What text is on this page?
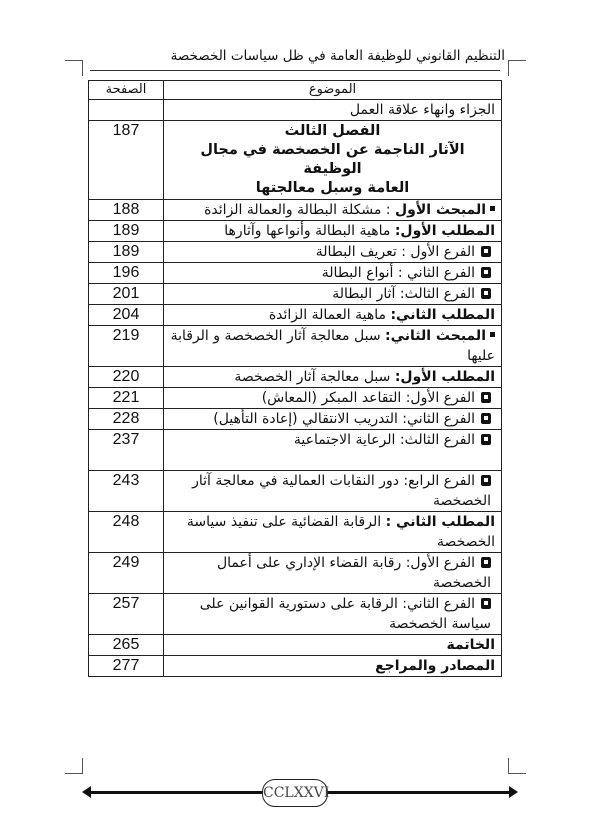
التنظيم القانوني للوظيفة العامة في ظل سياسات الخصخصة
الموضوع	الصفحة
الجزاء وانهاء علاقة العمل	

الفصل الثالث
الآثار الناجمة عن الخصخصة في مجال الوظيفة
العامة وسبل معالجتها	187
المبحث الأول : مشكلة البطالة والعمالة الزائدة	188
المطلب الأول: ماهية البطالة وأنواعها وآثارها	189
الفرع الأول : تعريف البطالة	189
الفرع الثاني : أنواع البطالة	196
الفرع الثالث: آثار البطالة	201
المطلب الثاني: ماهية العمالة الزائدة	204
المبحث الثاني: سبل معالجة آثار الخصخصة و الرقابة عليها	219
المطلب الأول: سبل معالجة آثار الخصخصة	220
الفرع الأول: التقاعد المبكر (المعاش)	221
الفرع الثاني: التدريب الانتقالي (إعادة التأهيل)	228
الفرع الثالث: الرعاية الاجتماعية	237
الفرع الرابع: دور النقابات العمالية في معالجة آثار الخصخصة	243
المطلب الثاني : الرقابة القضائية على تنفيذ سياسة الخصخصة	248
الفرع الأول: رقابة القضاء الإداري على أعمال الخصخصة	249
الفرع الثاني: الرقابة على دستورية القوانين على سياسة الخصخصة	257
الخاتمة	265
المصادر والمراجع	277
CCLXXVI
